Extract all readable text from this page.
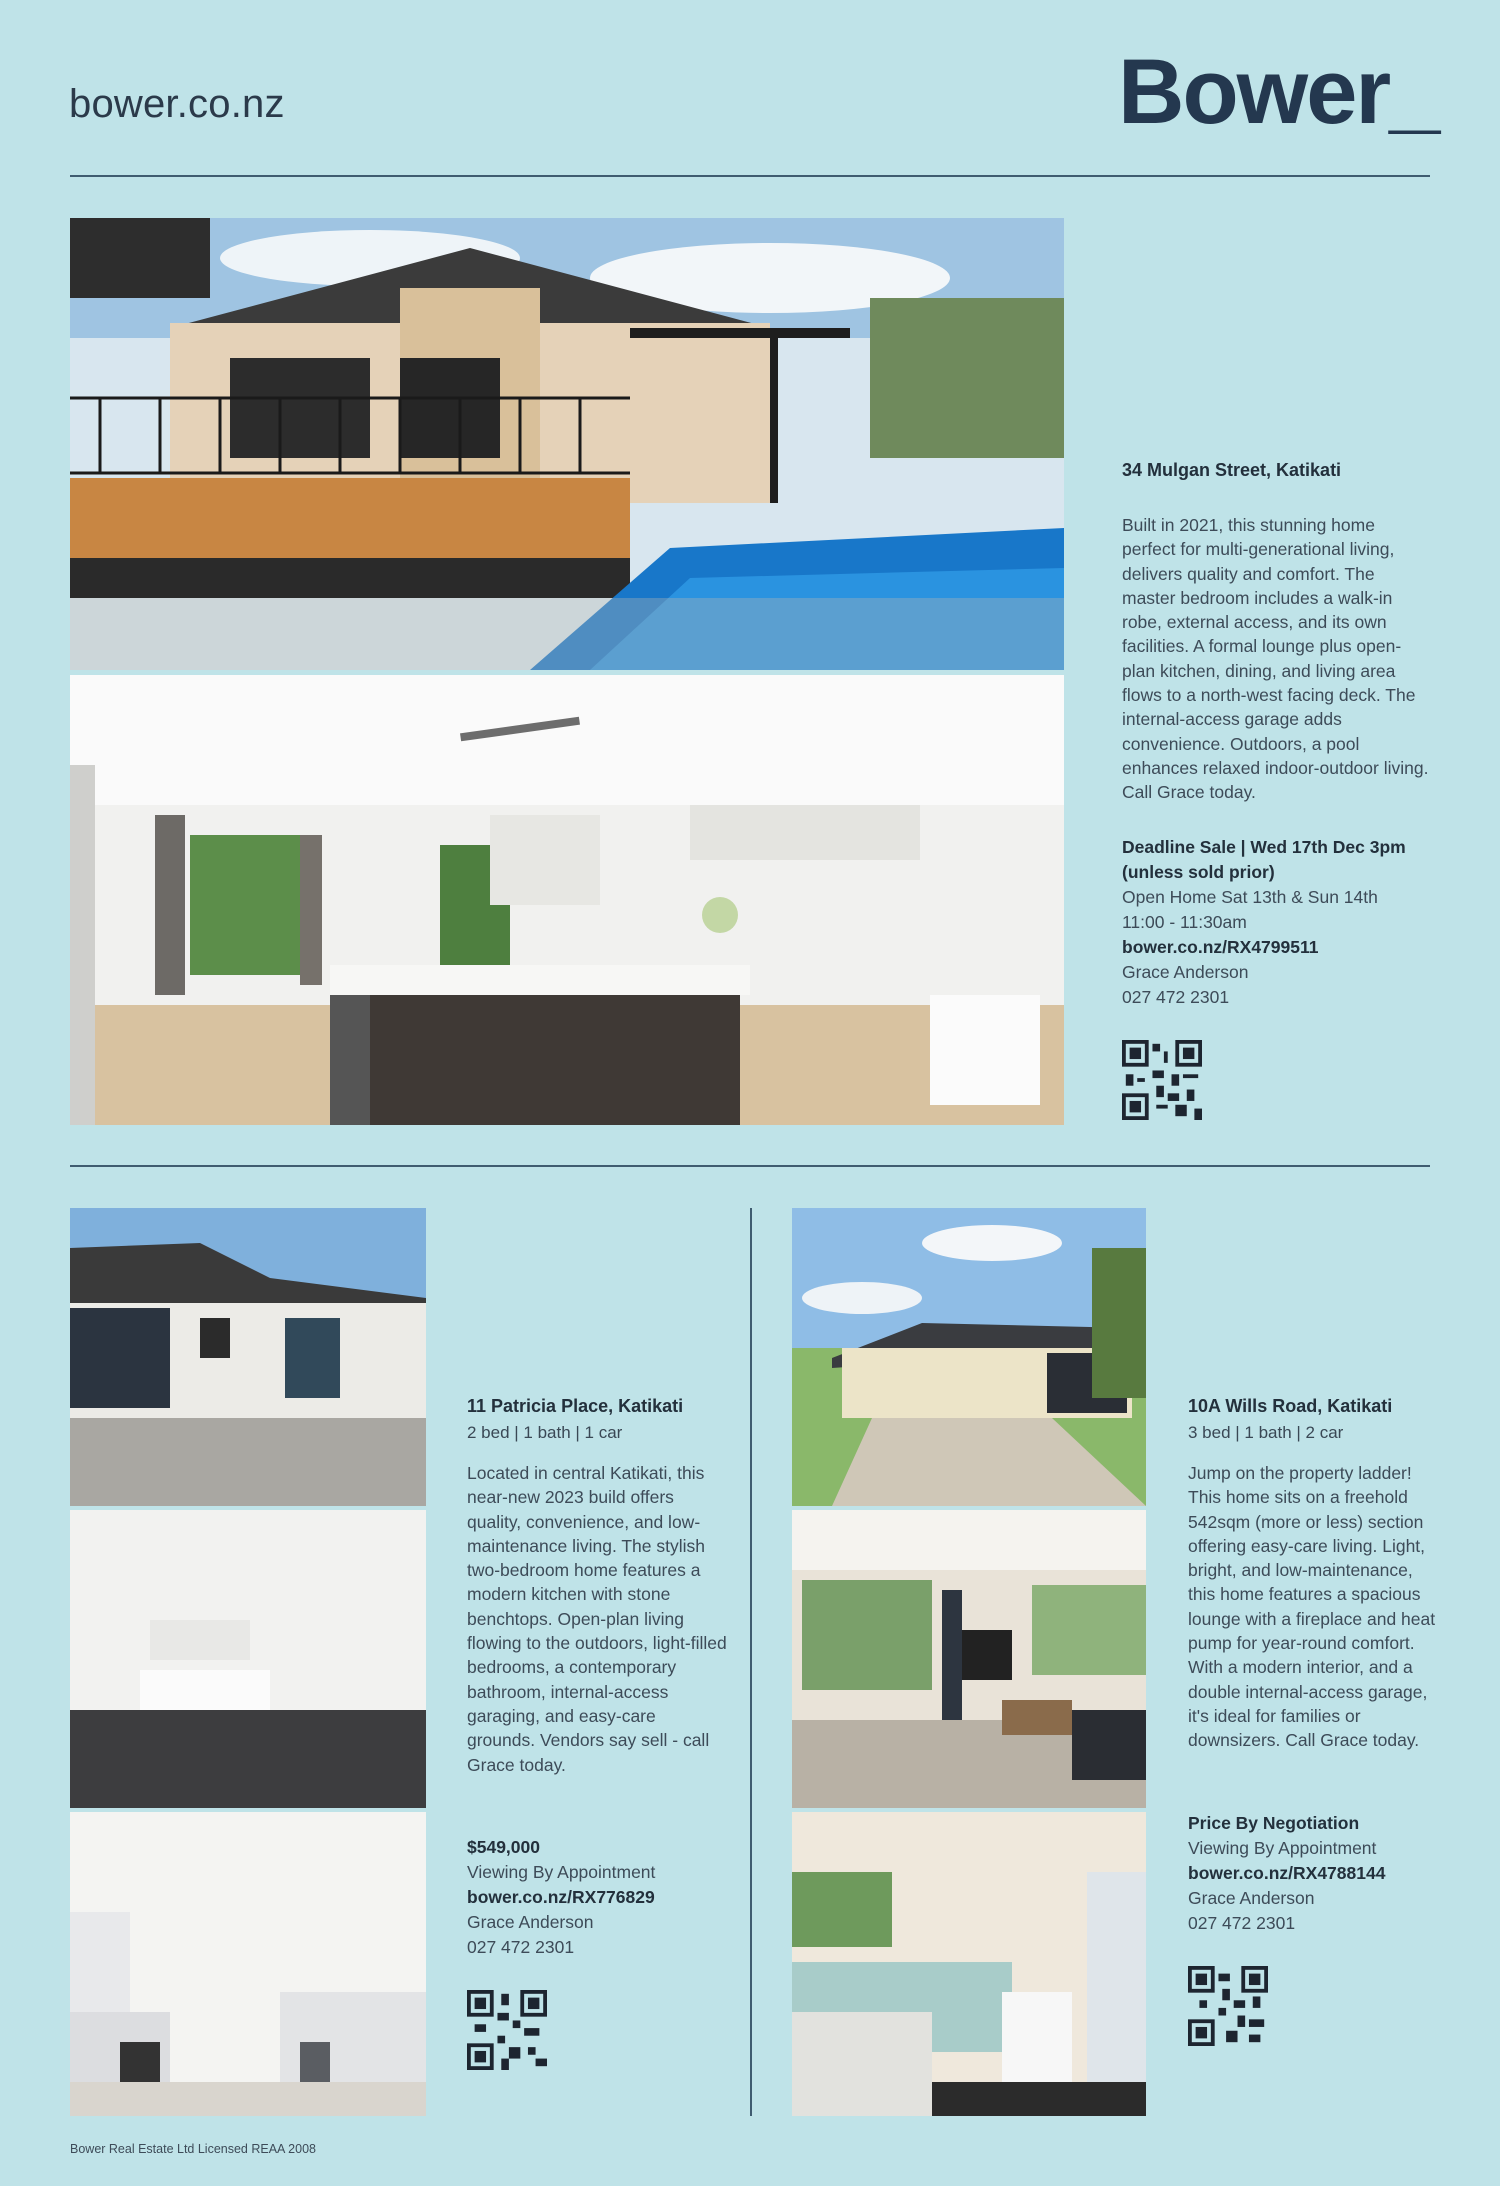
bower.co.nz	Bower_
34 Mulgan Street, Katikati
Built in 2021, this stunning home perfect for multi-generational living, delivers quality and comfort. The master bedroom includes a walk-in robe, external access, and its own facilities. A formal lounge plus open-plan kitchen, dining, and living area flows to a north-west facing deck. The internal-access garage adds convenience. Outdoors, a pool enhances relaxed indoor-outdoor living. Call Grace today.
Deadline Sale | Wed 17th Dec 3pm
(unless sold prior)
Open Home Sat 13th & Sun 14th
11:00 - 11:30am
bower.co.nz/RX4799511
Grace Anderson
027 472 2301
11 Patricia Place, Katikati
2 bed | 1 bath | 1 car
Located in central Katikati, this near-new 2023 build offers quality, convenience, and low-maintenance living. The stylish two-bedroom home features a modern kitchen with stone benchtops. Open-plan living flowing to the outdoors, light-filled bedrooms, a contemporary bathroom, internal-access garaging, and easy-care grounds. Vendors say sell - call Grace today.
$549,000
Viewing By Appointment
bower.co.nz/RX776829
Grace Anderson
027 472 2301
10A Wills Road, Katikati
3 bed | 1 bath | 2 car
Jump on the property ladder! This home sits on a freehold 542sqm (more or less) section offering easy-care living. Light, bright, and low-maintenance, this home features a spacious lounge with a fireplace and heat pump for year-round comfort. With a modern interior, and a double internal-access garage, it's ideal for families or downsizers. Call Grace today.
Price By Negotiation
Viewing By Appointment
bower.co.nz/RX4788144
Grace Anderson
027 472 2301
Bower Real Estate Ltd Licensed REAA 2008
